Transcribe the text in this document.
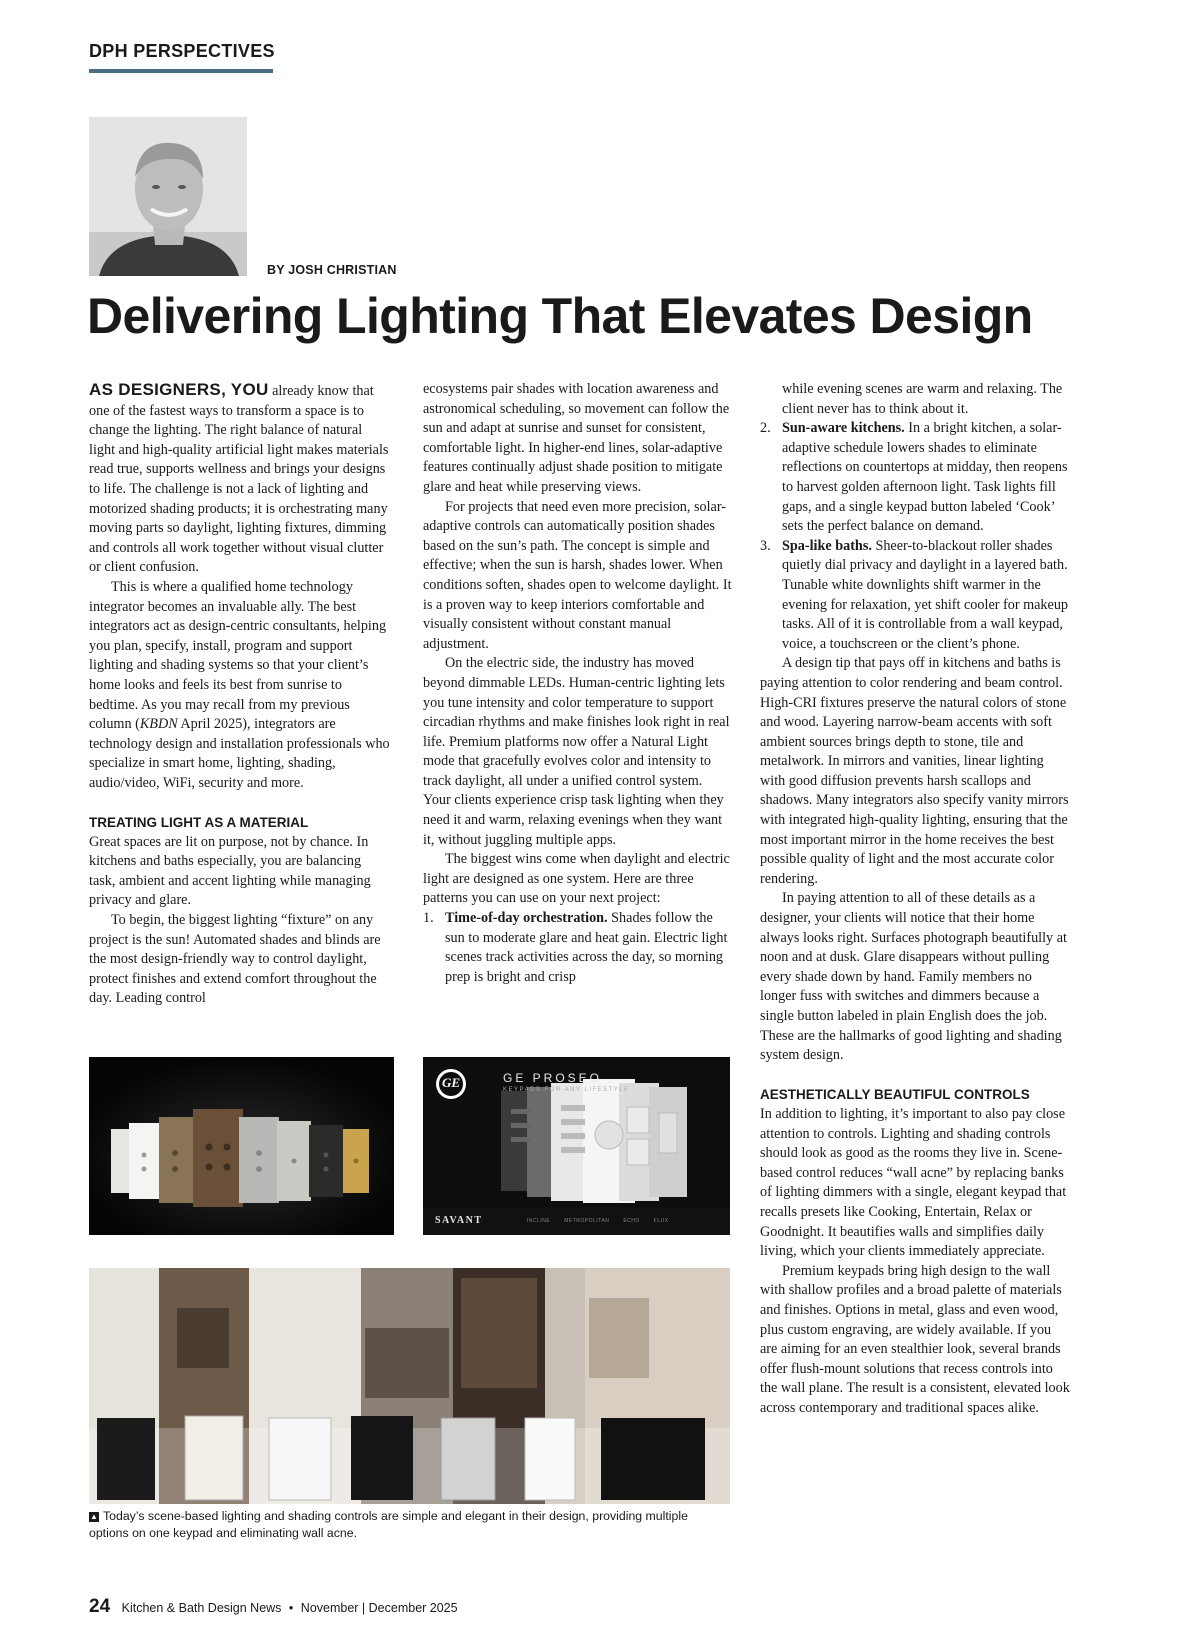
DPH PERSPECTIVES
BY JOSH CHRISTIAN
Delivering Lighting That Elevates Design

AS DESIGNERS, YOU already know that one of the fastest ways to transform a space is to change the lighting. The right balance of natural light and high-quality artificial light makes materials read true, supports wellness and brings your designs to life. The challenge is not a lack of lighting and motorized shading products; it is orchestrating many moving parts so daylight, lighting fixtures, dimming and controls all work together without visual clutter or client confusion.

This is where a qualified home technology integrator becomes an invaluable ally. The best integrators act as design-centric consultants, helping you plan, specify, install, program and support lighting and shading systems so that your client’s home looks and feels its best from sunrise to bedtime. As you may recall from my previous column (KBDN April 2025), integrators are technology design and installation professionals who specialize in smart home, lighting, shading, audio/video, WiFi, security and more.

TREATING LIGHT AS A MATERIAL

Great spaces are lit on purpose, not by chance. In kitchens and baths especially, you are balancing task, ambient and accent lighting while managing privacy and glare.

To begin, the biggest lighting “fixture” on any project is the sun! Automated shades and blinds are the most design-friendly way to control daylight, protect finishes and extend comfort throughout the day. Leading control

ecosystems pair shades with location awareness and astronomical scheduling, so movement can follow the sun and adapt at sunrise and sunset for consistent, comfortable light. In higher-end lines, solar-adaptive features continually adjust shade position to mitigate glare and heat while preserving views.

For projects that need even more precision, solar-adaptive controls can automatically position shades based on the sun’s path. The concept is simple and effective; when the sun is harsh, shades lower. When conditions soften, shades open to welcome daylight. It is a proven way to keep interiors comfortable and visually consistent without constant manual adjustment.

On the electric side, the industry has moved beyond dimmable LEDs. Human-centric lighting lets you tune intensity and color temperature to support circadian rhythms and make finishes look right in real life. Premium platforms now offer a Natural Light mode that gracefully evolves color and intensity to track daylight, all under a unified control system. Your clients experience crisp task lighting when they need it and warm, relaxing evenings when they want it, without juggling multiple apps.

The biggest wins come when daylight and electric light are designed as one system. Here are three patterns you can use on your next project:

1. Time-of-day orchestration. Shades follow the sun to moderate glare and heat gain. Electric light scenes track activities across the day, so morning prep is bright and crisp
while evening scenes are warm and relaxing. The client never has to think about it.
2. Sun-aware kitchens. In a bright kitchen, a solar-adaptive schedule lowers shades to eliminate reflections on countertops at midday, then reopens to harvest golden afternoon light. Task lights fill gaps, and a single keypad button labeled ‘Cook’ sets the perfect balance on demand.
3. Spa-like baths. Sheer-to-blackout roller shades quietly dial privacy and daylight in a layered bath. Tunable white downlights shift warmer in the evening for relaxation, yet shift cooler for makeup tasks. All of it is controllable from a wall keypad, voice, a touchscreen or the client’s phone.

A design tip that pays off in kitchens and baths is paying attention to color rendering and beam control. High-CRI fixtures preserve the natural colors of stone and wood. Layering narrow-beam accents with soft ambient sources brings depth to stone, tile and metalwork. In mirrors and vanities, linear lighting with good diffusion prevents harsh scallops and shadows. Many integrators also specify vanity mirrors with integrated high-quality lighting, ensuring that the most important mirror in the home receives the best possible quality of light and the most accurate color rendering.

In paying attention to all of these details as a designer, your clients will notice that their home always looks right. Surfaces photograph beautifully at noon and at dusk. Glare disappears without pulling every shade down by hand. Family members no longer fuss with switches and dimmers because a single button labeled in plain English does the job. These are the hallmarks of good lighting and shading system design.

AESTHETICALLY BEAUTIFUL CONTROLS

In addition to lighting, it’s important to also pay close attention to controls. Lighting and shading controls should look as good as the rooms they live in. Scene-based control reduces “wall acne” by replacing banks of lighting dimmers with a single, elegant keypad that recalls presets like Cooking, Entertain, Relax or Goodnight. It beautifies walls and simplifies daily living, which your clients immediately appreciate.

Premium keypads bring high design to the wall with shallow profiles and a broad palette of materials and finishes. Options in metal, glass and even wood, plus custom engraving, are widely available. If you are aiming for an even stealthier look, several brands offer flush-mount solutions that recess controls into the wall plane. The result is a consistent, elevated look across contemporary and traditional spaces alike.

GE	GE PROSEO
KEYPADS FOR ANY LIFESTYLE
SAVANT	INCLINE	METROPOLITAN	ECHO	FLUX
▲ Today’s scene-based lighting and shading controls are simple and elegant in their design, providing multiple options on one keypad and eliminating wall acne.
24 Kitchen & Bath Design News • November | December 2025
